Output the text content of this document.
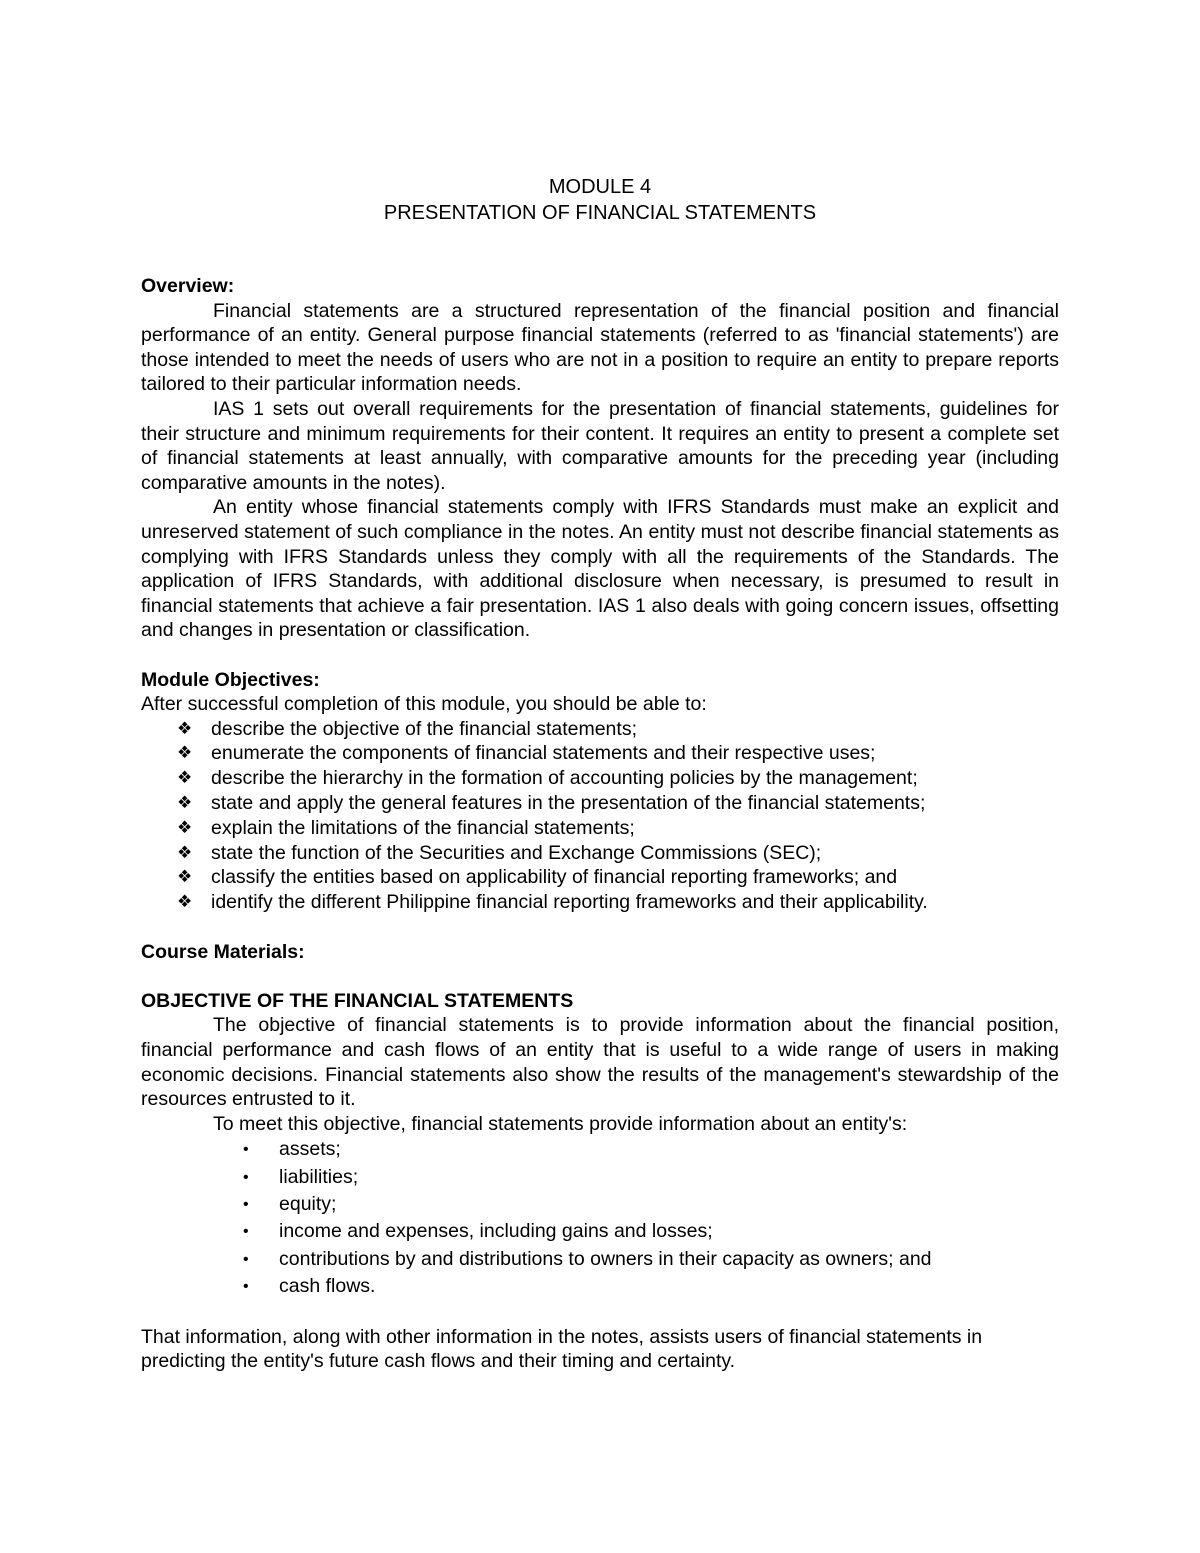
MODULE 4
PRESENTATION OF FINANCIAL STATEMENTS

Overview:

Financial statements are a structured representation of the financial position and financial performance of an entity. General purpose financial statements (referred to as 'financial statements') are those intended to meet the needs of users who are not in a position to require an entity to prepare reports tailored to their particular information needs.

IAS 1 sets out overall requirements for the presentation of financial statements, guidelines for their structure and minimum requirements for their content. It requires an entity to present a complete set of financial statements at least annually, with comparative amounts for the preceding year (including comparative amounts in the notes).

An entity whose financial statements comply with IFRS Standards must make an explicit and unreserved statement of such compliance in the notes. An entity must not describe financial statements as complying with IFRS Standards unless they comply with all the requirements of the Standards. The application of IFRS Standards, with additional disclosure when necessary, is presumed to result in financial statements that achieve a fair presentation. IAS 1 also deals with going concern issues, offsetting and changes in presentation or classification.

Module Objectives:

After successful completion of this module, you should be able to:

❖ describe the objective of the financial statements;
❖ enumerate the components of financial statements and their respective uses;
❖ describe the hierarchy in the formation of accounting policies by the management;
❖ state and apply the general features in the presentation of the financial statements;
❖ explain the limitations of the financial statements;
❖ state the function of the Securities and Exchange Commissions (SEC);
❖ classify the entities based on applicability of financial reporting frameworks; and
❖ identify the different Philippine financial reporting frameworks and their applicability.

Course Materials:

OBJECTIVE OF THE FINANCIAL STATEMENTS

The objective of financial statements is to provide information about the financial position, financial performance and cash flows of an entity that is useful to a wide range of users in making economic decisions. Financial statements also show the results of the management's stewardship of the resources entrusted to it.

To meet this objective, financial statements provide information about an entity's:

• assets;
• liabilities;
• equity;
• income and expenses, including gains and losses;
• contributions by and distributions to owners in their capacity as owners; and
• cash flows.

That information, along with other information in the notes, assists users of financial statements in predicting the entity's future cash flows and their timing and certainty.
